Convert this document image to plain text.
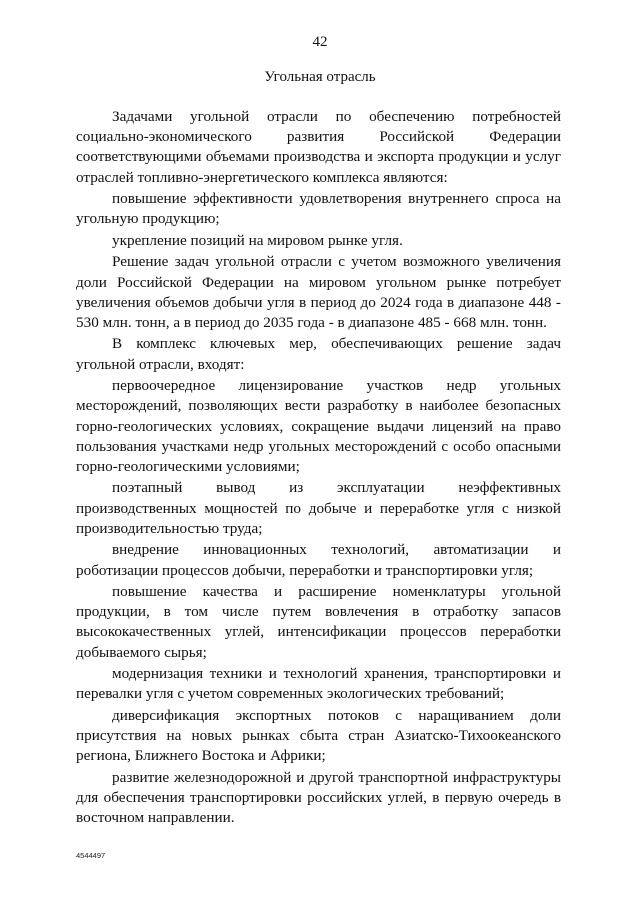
42
Угольная отрасль

Задачами угольной отрасли по обеспечению потребностей социально-экономического развития Российской Федерации соответствующими объемами производства и экспорта продукции и услуг отраслей топливно-энергетического комплекса являются:

повышение эффективности удовлетворения внутреннего спроса на угольную продукцию;

укрепление позиций на мировом рынке угля.

Решение задач угольной отрасли с учетом возможного увеличения доли Российской Федерации на мировом угольном рынке потребует увеличения объемов добычи угля в период до 2024 года в диапазоне 448 - 530 млн. тонн, а в период до 2035 года - в диапазоне 485 - 668 млн. тонн.

В комплекс ключевых мер, обеспечивающих решение задач угольной отрасли, входят:

первоочередное лицензирование участков недр угольных месторождений, позволяющих вести разработку в наиболее безопасных горно-геологических условиях, сокращение выдачи лицензий на право пользования участками недр угольных месторождений с особо опасными горно-геологическими условиями;

поэтапный вывод из эксплуатации неэффективных производственных мощностей по добыче и переработке угля с низкой производительностью труда;

внедрение инновационных технологий, автоматизации и роботизации процессов добычи, переработки и транспортировки угля;

повышение качества и расширение номенклатуры угольной продукции, в том числе путем вовлечения в отработку запасов высококачественных углей, интенсификации процессов переработки добываемого сырья;

модернизация техники и технологий хранения, транспортировки и перевалки угля с учетом современных экологических требований;

диверсификация экспортных потоков с наращиванием доли присутствия на новых рынках сбыта стран Азиатско-Тихоокеанского региона, Ближнего Востока и Африки;

развитие железнодорожной и другой транспортной инфраструктуры для обеспечения транспортировки российских углей, в первую очередь в восточном направлении.

4544497
